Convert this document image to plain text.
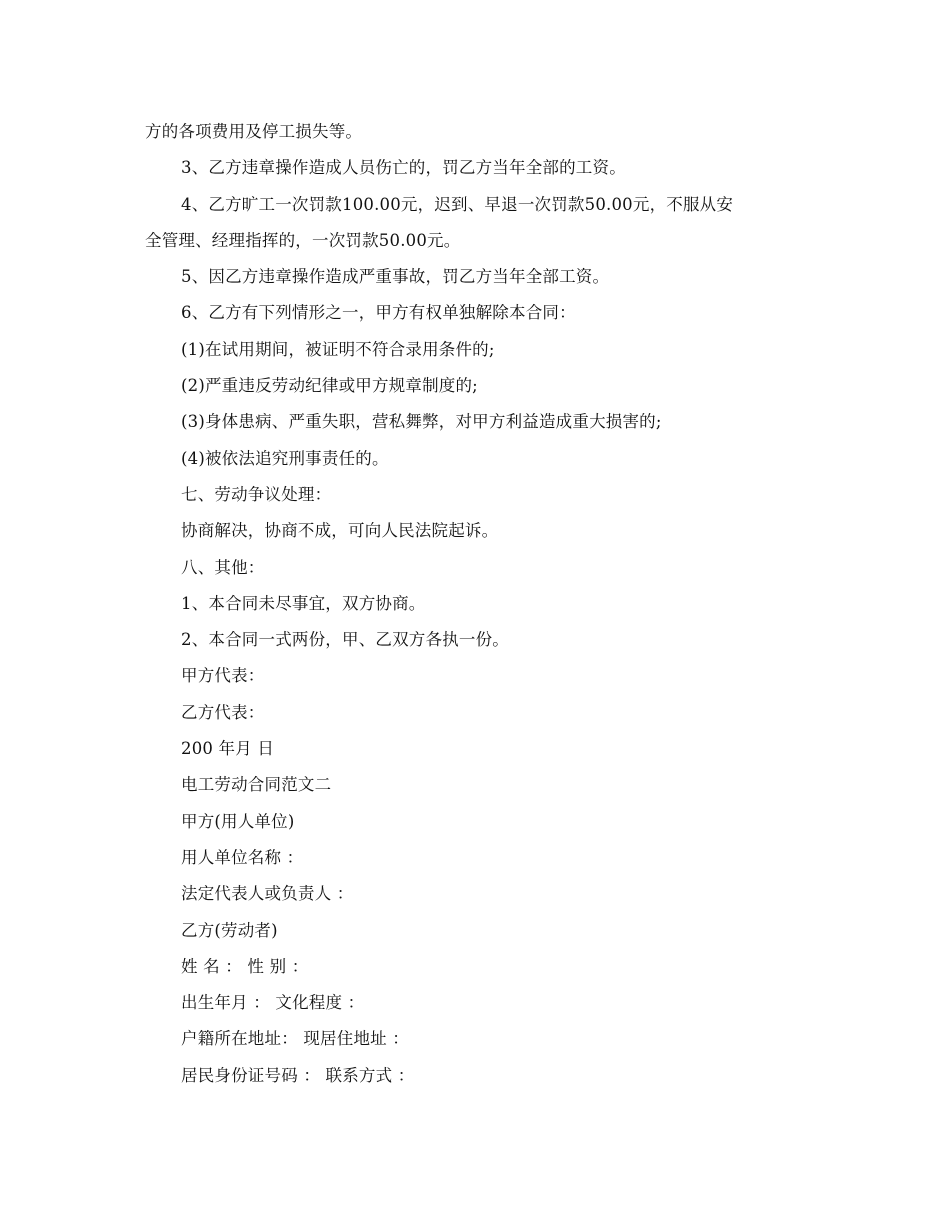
方的各项费用及停工损失等。
3、乙方违章操作造成人员伤亡的，罚乙方当年全部的工资。
4、乙方旷工一次罚款100.00元，迟到、早退一次罚款50.00元，不服从安
全管理、经理指挥的，一次罚款50.00元。
5、因乙方违章操作造成严重事故，罚乙方当年全部工资。
6、乙方有下列情形之一，甲方有权单独解除本合同：
(1)在试用期间，被证明不符合录用条件的;
(2)严重违反劳动纪律或甲方规章制度的;
(3)身体患病、严重失职，营私舞弊，对甲方利益造成重大损害的;
(4)被依法追究刑事责任的。
七、劳动争议处理：
协商解决，协商不成，可向人民法院起诉。
八、其他：
1、本合同未尽事宜，双方协商。
2、本合同一式两份，甲、乙双方各执一份。
甲方代表：
乙方代表：
200 年月 日
电工劳动合同范文二
甲方(用人单位)
用人单位名称 ：
法定代表人或负责人 ：
乙方(劳动者)
姓 名 ： 性 别 ：
出生年月 ： 文化程度 ：
户籍所在地址： 现居住地址 ：
居民身份证号码 ： 联系方式 ：
